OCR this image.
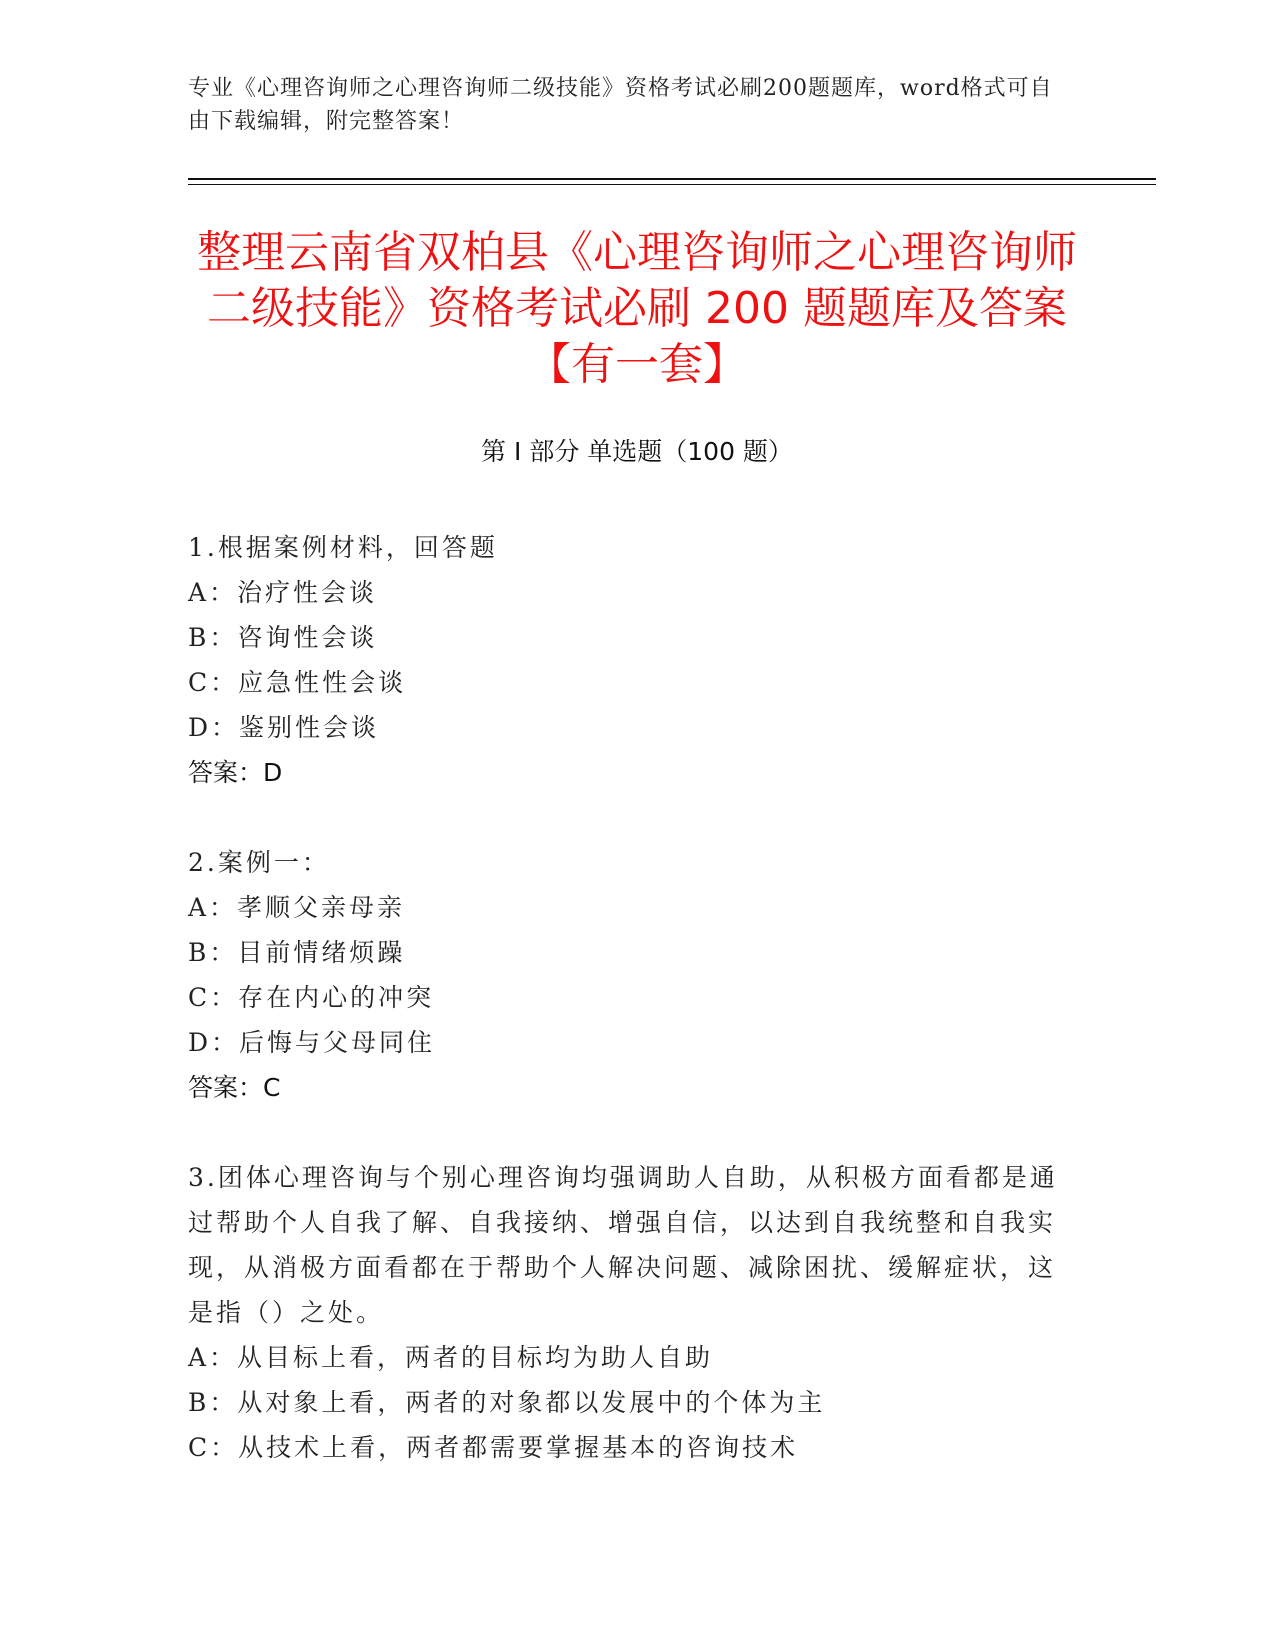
专业《心理咨询师之心理咨询师二级技能》资格考试必刷200题题库，word格式可自由下载编辑，附完整答案！
整理云南省双柏县《心理咨询师之心理咨询师二级技能》资格考试必刷 200 题题库及答案【有一套】
第 I 部分 单选题（100 题）
1.根据案例材料，回答题
A：治疗性会谈
B：咨询性会谈
C：应急性性会谈
D：鉴别性会谈
答案：D
2.案例一：
A：孝顺父亲母亲
B：目前情绪烦躁
C：存在内心的冲突
D：后悔与父母同住
答案：C
3.团体心理咨询与个别心理咨询均强调助人自助，从积极方面看都是通过帮助个人自我了解、自我接纳、增强自信，以达到自我统整和自我实现，从消极方面看都在于帮助个人解决问题、减除困扰、缓解症状，这是指（）之处。
A：从目标上看，两者的目标均为助人自助
B：从对象上看，两者的对象都以发展中的个体为主
C：从技术上看，两者都需要掌握基本的咨询技术
